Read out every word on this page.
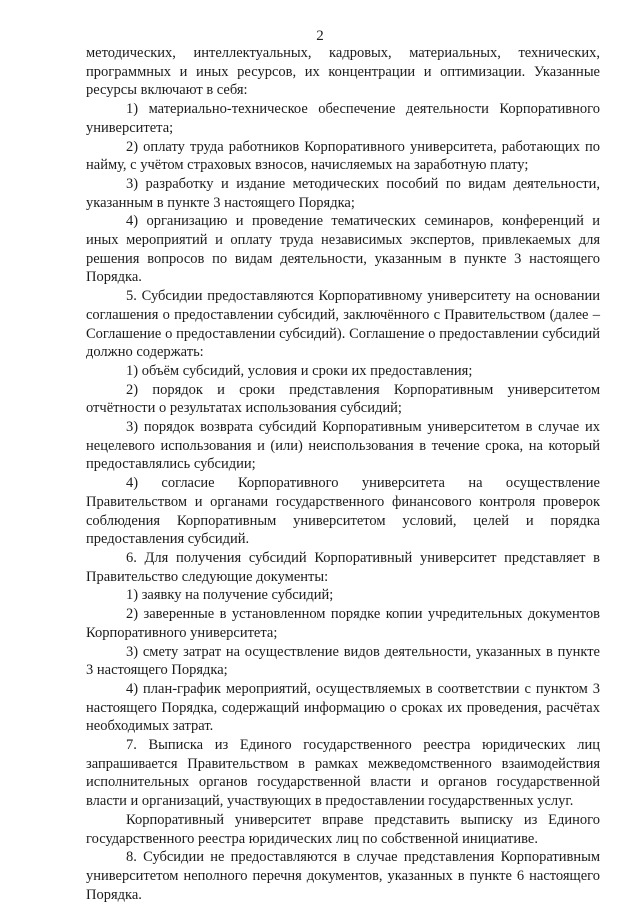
2

методических, интеллектуальных, кадровых, материальных, технических, программных и иных ресурсов, их концентрации и оптимизации. Указанные ресурсы включают в себя:

1) материально-техническое обеспечение деятельности Корпоративного университета;

2) оплату труда работников Корпоративного университета, работающих по найму, с учётом страховых взносов, начисляемых на заработную плату;

3) разработку и издание методических пособий по видам деятельности, указанным в пункте 3 настоящего Порядка;

4) организацию и проведение тематических семинаров, конференций и иных мероприятий и оплату труда независимых экспертов, привлекаемых для решения вопросов по видам деятельности, указанным в пункте 3 настоящего Порядка.

5. Субсидии предоставляются Корпоративному университету на основании соглашения о предоставлении субсидий, заключённого с Правительством (далее – Соглашение о предоставлении субсидий). Соглашение о предоставлении субсидий должно содержать:

1) объём субсидий, условия и сроки их предоставления;

2) порядок и сроки представления Корпоративным университетом отчётности о результатах использования субсидий;

3) порядок возврата субсидий Корпоративным университетом в случае их нецелевого использования и (или) неиспользования в течение срока, на который предоставлялись субсидии;

4) согласие Корпоративного университета на осуществление Правительством и органами государственного финансового контроля проверок соблюдения Корпоративным университетом условий, целей и порядка предоставления субсидий.

6. Для получения субсидий Корпоративный университет представляет в Правительство следующие документы:

1) заявку на получение субсидий;

2) заверенные в установленном порядке копии учредительных документов Корпоративного университета;

3) смету затрат на осуществление видов деятельности, указанных в пункте 3 настоящего Порядка;

4) план-график мероприятий, осуществляемых в соответствии с пунктом 3 настоящего Порядка, содержащий информацию о сроках их проведения, расчётах необходимых затрат.

7. Выписка из Единого государственного реестра юридических лиц запрашивается Правительством в рамках межведомственного взаимодействия исполнительных органов государственной власти и органов государственной власти и организаций, участвующих в предоставлении государственных услуг.

Корпоративный университет вправе представить выписку из Единого государственного реестра юридических лиц по собственной инициативе.

8. Субсидии не предоставляются в случае представления Корпоративным университетом неполного перечня документов, указанных в пункте 6 настоящего Порядка.
